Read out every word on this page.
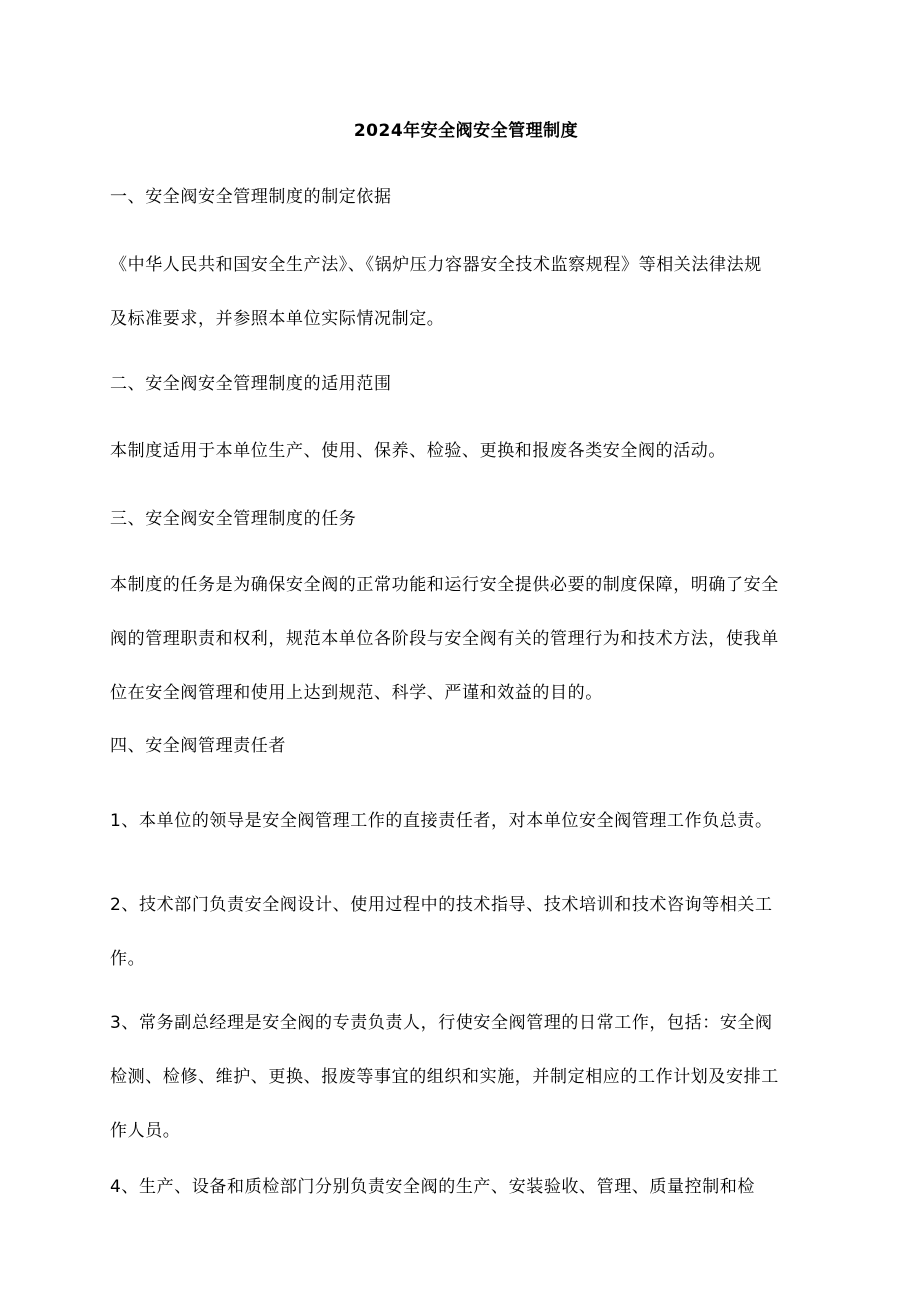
2024年安全阀安全管理制度

一、安全阀安全管理制度的制定依据

《中华人民共和国安全生产法》、《锅炉压力容器安全技术监察规程》等相关法律法规
及标准要求，并参照本单位实际情况制定。

二、安全阀安全管理制度的适用范围

本制度适用于本单位生产、使用、保养、检验、更换和报废各类安全阀的活动。

三、安全阀安全管理制度的任务

本制度的任务是为确保安全阀的正常功能和运行安全提供必要的制度保障，明确了安全
阀的管理职责和权利，规范本单位各阶段与安全阀有关的管理行为和技术方法，使我单
位在安全阀管理和使用上达到规范、科学、严谨和效益的目的。

四、安全阀管理责任者

1、本单位的领导是安全阀管理工作的直接责任者，对本单位安全阀管理工作负总责。

2、技术部门负责安全阀设计、使用过程中的技术指导、技术培训和技术咨询等相关工
作。

3、常务副总经理是安全阀的专责负责人，行使安全阀管理的日常工作，包括：安全阀
检测、检修、维护、更换、报废等事宜的组织和实施，并制定相应的工作计划及安排工
作人员。

4、生产、设备和质检部门分别负责安全阀的生产、安装验收、管理、质量控制和检
